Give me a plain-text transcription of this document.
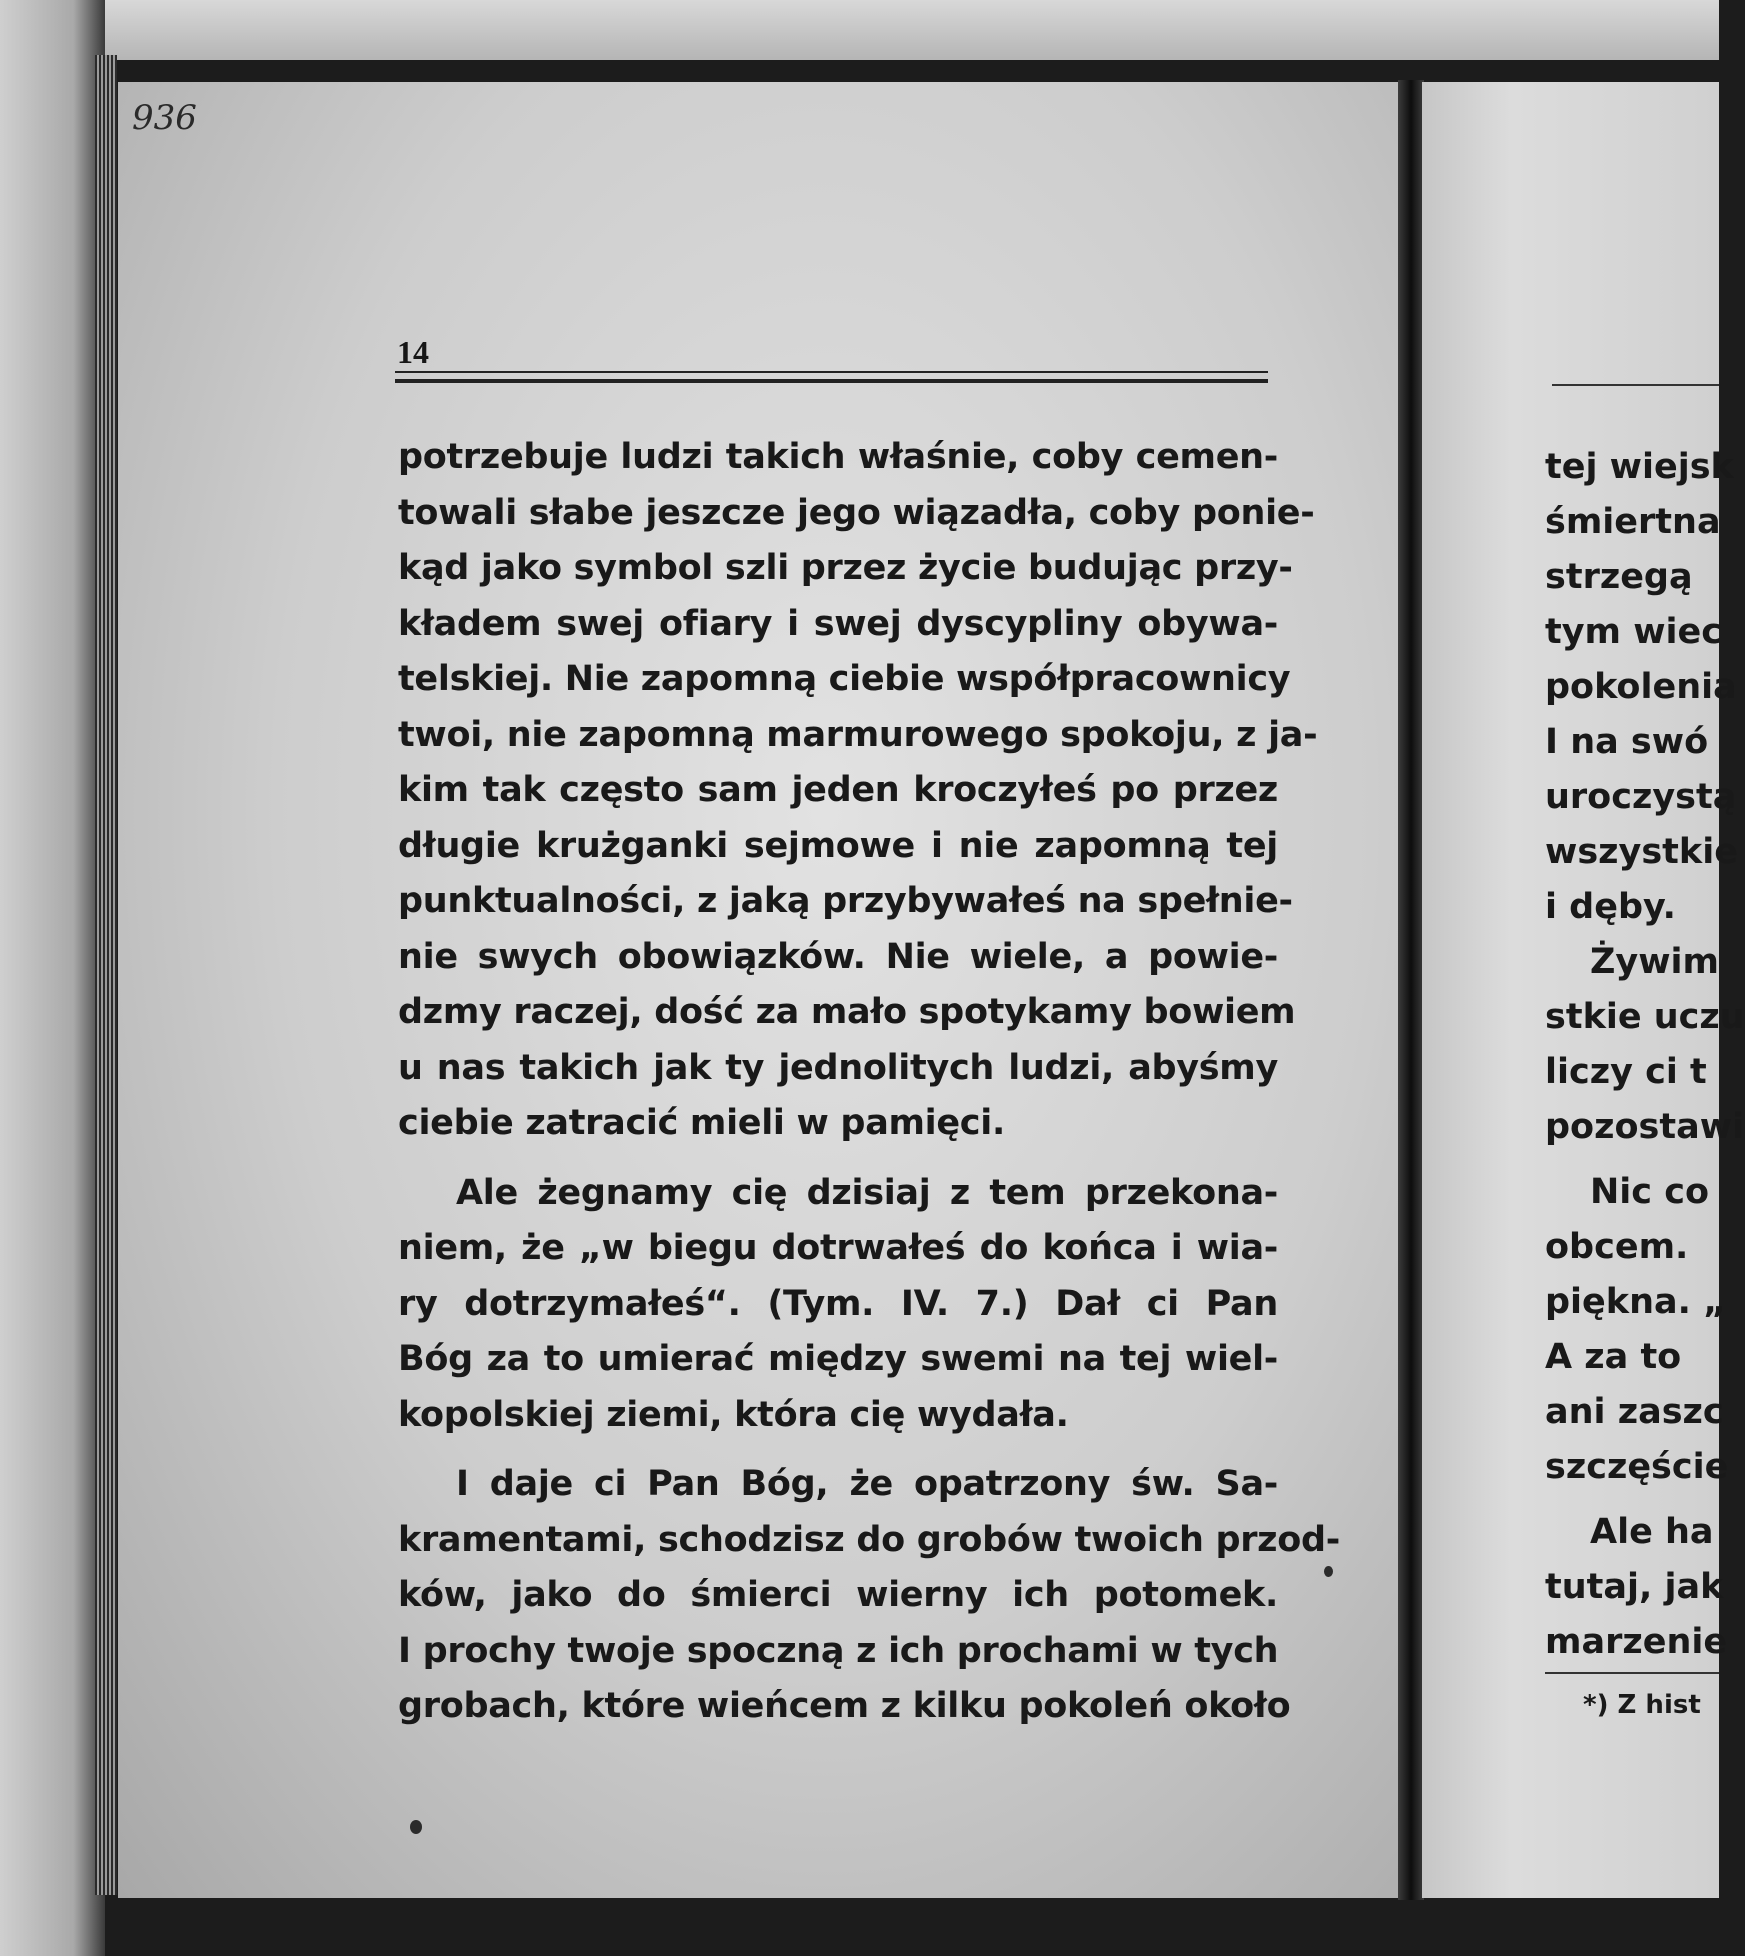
936

14

potrzebuje ludzi takich właśnie, coby cemen-
towali słabe jeszcze jego wiązadła, coby ponie-
kąd jako symbol szli przez życie budując przy-
kładem swej ofiary i swej dyscypliny obywa-
telskiej. Nie zapomną ciebie współpracownicy
twoi, nie zapomną marmurowego spokoju, z ja-
kim tak często sam jeden kroczyłeś po przez
długie krużganki sejmowe i nie zapomną tej
punktualności, z jaką przybywałeś na spełnie-
nie swych obowiązków. Nie wiele, a powie-
dzmy raczej, dość za mało spotykamy bowiem
u nas takich jak ty jednolitych ludzi, abyśmy
ciebie zatracić mieli w pamięci.
Ale żegnamy cię dzisiaj z tem przekona-
niem, że „w biegu dotrwałeś do końca i wia-
ry dotrzymałeś“. (Tym. IV. 7.) Dał ci Pan
Bóg za to umierać między swemi na tej wiel-
kopolskiej ziemi, która cię wydała.
I daje ci Pan Bóg, że opatrzony św. Sa-
kramentami, schodzisz do grobów twoich przod-
ków, jako do śmierci wierny ich potomek.
I prochy twoje spoczną z ich prochami w tych
grobach, które wieńcem z kilku pokoleń około
tej wiejsk
śmiertna
strzegą
tym wiec
pokolenia
I na swó
uroczystą
wszystkie
i dęby.
Żywim
stkie uczu
liczy ci t
pozostawi
Nic co
obcem.
piękna. „
A za to
ani zaszc
szczęście
Ale ha
tutaj, jak
marzenie
*) Z hist
